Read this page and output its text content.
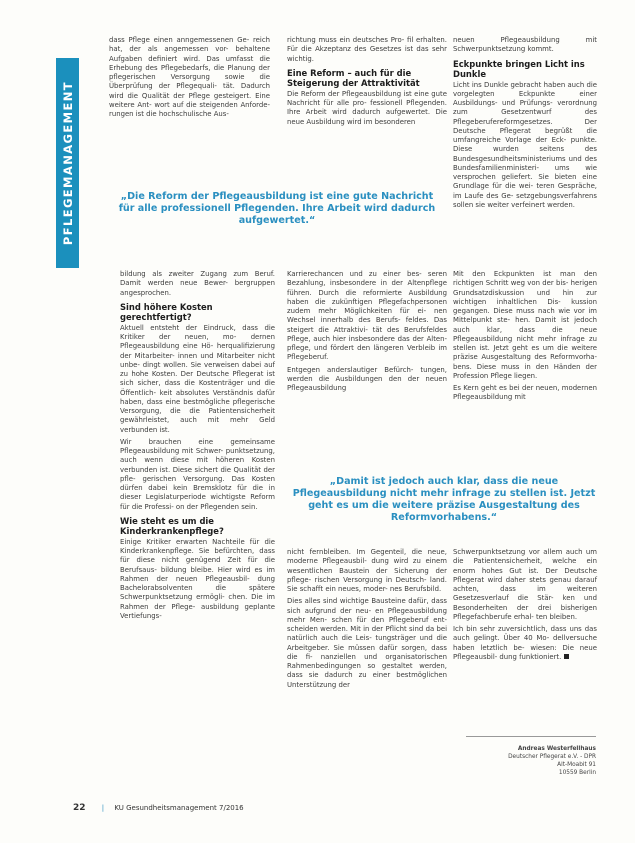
PFLEGEMANAGEMENT

dass Pflege einen anngemessenen Ge- reich hat, der als angemessen vor- behaltene Aufgaben definiert wird. Das umfasst die Erhebung des Pflegebedarfs, die Planung der pflegerischen Versorgung sowie die Überprüfung der Pflegequali- tät. Dadurch wird die Qualität der Pflege gesteigert. Eine weitere Ant- wort auf die steigenden Anforde- rungen ist die hochschulische Aus-

richtung muss ein deutsches Pro- fil erhalten. Für die Akzeptanz des Gesetzes ist das sehr wichtig.

Eine Reform – auch für die Steigerung der Attraktivität

Die Reform der Pflegeausbildung ist eine gute Nachricht für alle pro- fessionell Pflegenden. Ihre Arbeit wird dadurch aufgewertet. Die neue Ausbildung wird im besonderen

neuen Pflegeausbildung mit Schwerpunktsetzung kommt.

Eckpunkte bringen Licht ins Dunkle

Licht ins Dunkle gebracht haben auch die vorgelegten Eckpunkte einer Ausbildungs- und Prüfungs- verordnung zum Gesetzentwurf des Pflegeberufereformgesetzes. Der Deutsche Pflegerat begrüßt die umfangreiche Vorlage der Eck- punkte. Diese wurden seitens des Bundesgesundheitsministeriums und des Bundesfamilienministeri- ums wie versprochen geliefert. Sie bieten eine Grundlage für die wei- teren Gespräche, im Laufe des Ge- setzgebungsverfahrens sollen sie weiter verfeinert werden.

„Die Reform der Pflegeausbildung ist eine gute Nachricht für alle professionell Pflegenden. Ihre Arbeit wird dadurch aufgewertet.“

bildung als zweiter Zugang zum Beruf. Damit werden neue Bewer- bergruppen angesprochen.

Sind höhere Kosten gerechtfertigt?

Aktuell entsteht der Eindruck, dass die Kritiker der neuen, mo- dernen Pflegeausbildung eine Hö- herqualifizierung der Mitarbeiter- innen und Mitarbeiter nicht unbe- dingt wollen. Sie verweisen dabei auf zu hohe Kosten. Der Deutsche Pflegerat ist sich sicher, dass die Kostenträger und die Öffentlich- keit absolutes Verständnis dafür haben, dass eine bestmögliche pflegerische Versorgung, die die Patientensicherheit gewährleistet, auch mit mehr Geld verbunden ist.

Wir brauchen eine gemeinsame Pflegeausbildung mit Schwer- punktsetzung, auch wenn diese mit höheren Kosten verbunden ist. Diese sichert die Qualität der pfle- gerischen Versorgung. Das Kosten dürfen dabei kein Bremsklotz für die in dieser Legislaturperiode wichtigste Reform für die Professi- on der Pflegenden sein.

Wie steht es um die Kinderkrankenpflege?

Einige Kritiker erwarten Nachteile für die Kinderkrankenpflege. Sie befürchten, dass für diese nicht genügend Zeit für die Berufsaus- bildung bleibe. Hier wird es im Rahmen der neuen Pflegeausbil- dung Bachelorabsolventen die spätere Schwerpunktsetzung ermögli- chen. Die im Rahmen der Pflege- ausbildung geplante Vertiefungs-

Karrierechancen und zu einer bes- seren Bezahlung, insbesondere in der Altenpflege führen. Durch die reformierte Ausbildung haben die zukünftigen Pflegefachpersonen zudem mehr Möglichkeiten für ei- nen Wechsel innerhalb des Berufs- feldes. Das steigert die Attraktivi- tät des Berufsfeldes Pflege, auch hier insbesondere das der Alten- pflege, und fördert den längeren Verbleib im Pflegeberuf.

Entgegen anderslautiger Befürch- tungen, werden die Ausbildungen den der neuen Pflegeausbildung

Mit den Eckpunkten ist man den richtigen Schritt weg von der bis- herigen Grundsatzdiskussion und hin zur wichtigen inhaltlichen Dis- kussion gegangen. Diese muss nach wie vor im Mittelpunkt ste- hen. Damit ist jedoch auch klar, dass die neue Pflegeausbildung nicht mehr infrage zu stellen ist. Jetzt geht es um die weitere präzise Ausgestaltung des Reformvorha- bens. Diese muss in den Händen der Profession Pflege liegen.

Es Kern geht es bei der neuen, modernen Pflegeausbildung mit

„Damit ist jedoch auch klar, dass die neue Pflegeausbildung nicht mehr infrage zu stellen ist. Jetzt geht es um die weitere präzise Ausgestaltung des Reformvorhabens.“

nicht fernbleiben. Im Gegenteil, die neue, moderne Pflegeausbil- dung wird zu einem wesentlichen Baustein der Sicherung der pflege- rischen Versorgung in Deutsch- land. Sie schafft ein neues, moder- nes Berufsbild.

Dies alles sind wichtige Bausteine dafür, dass sich aufgrund der neu- en Pflegeausbildung mehr Men- schen für den Pflegeberuf ent- scheiden werden. Mit in der Pflicht sind da bei natürlich auch die Leis- tungsträger und die Arbeitgeber. Sie müssen dafür sorgen, dass die fi- nanziellen und organisatorischen Rahmenbedingungen so gestaltet werden, dass sie dadurch zu einer bestmöglichen Unterstützung der

Schwerpunktsetzung vor allem auch um die Patientensicherheit, welche ein enorm hohes Gut ist. Der Deutsche Pflegerat wird daher stets genau darauf achten, dass im weiteren Gesetzesverlauf die Stär- ken und Besonderheiten der drei bisherigen Pflegefachberufe erhal- ten bleiben.

Ich bin sehr zuversichtlich, dass uns das auch gelingt. Über 40 Mo- dellversuche haben letztlich be- wiesen: Die neue Pflegeausbil- dung funktioniert.

Andreas Westerfellhaus
Deutscher Pflegerat e.V. - DPR
Alt-Moabit 91
10559 Berlin
22 | KU Gesundheitsmanagement 7/2016
